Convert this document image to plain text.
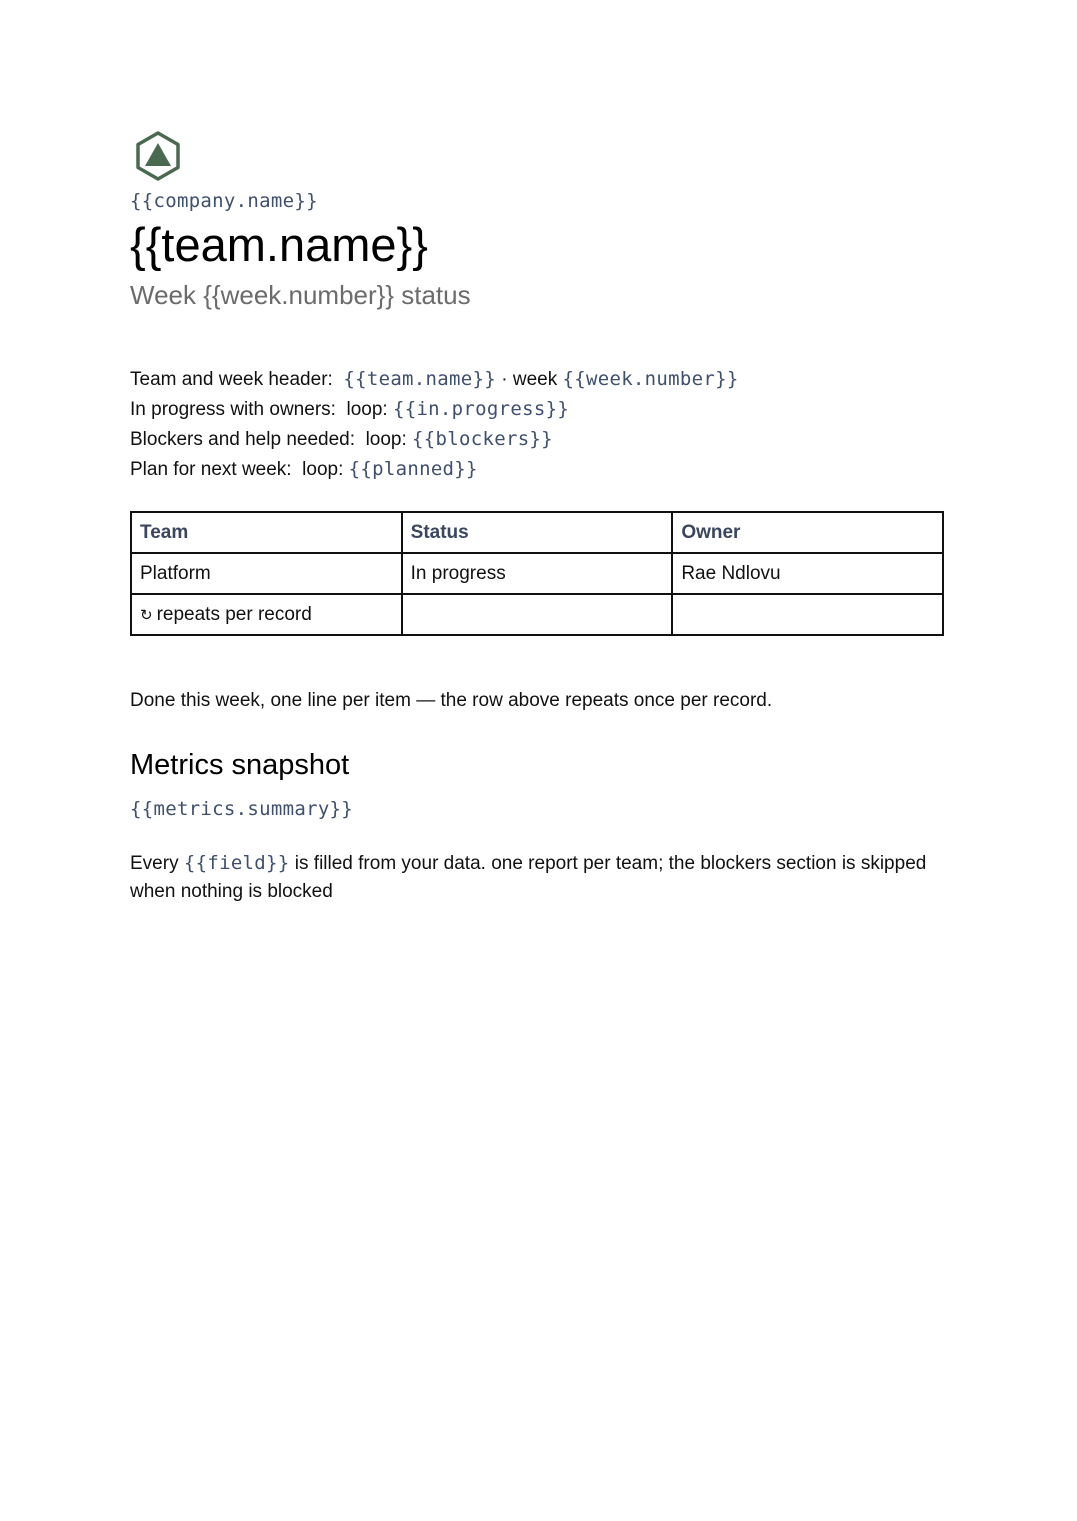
{{company.name}}
{{team.name}}
Week {{week.number}} status
Team and week header: {{team.name}} · week {{week.number}}
In progress with owners: loop: {{in.progress}}
Blockers and help needed: loop: {{blockers}}
Plan for next week: loop: {{planned}}
Team	Status	Owner
Platform	In progress	Rae Ndlovu
↻ repeats per record		
Done this week, one line per item — the row above repeats once per record.
Metrics snapshot
{{metrics.summary}}
Every {{field}} is filled from your data. one report per team; the blockers section is skipped when nothing is blocked
